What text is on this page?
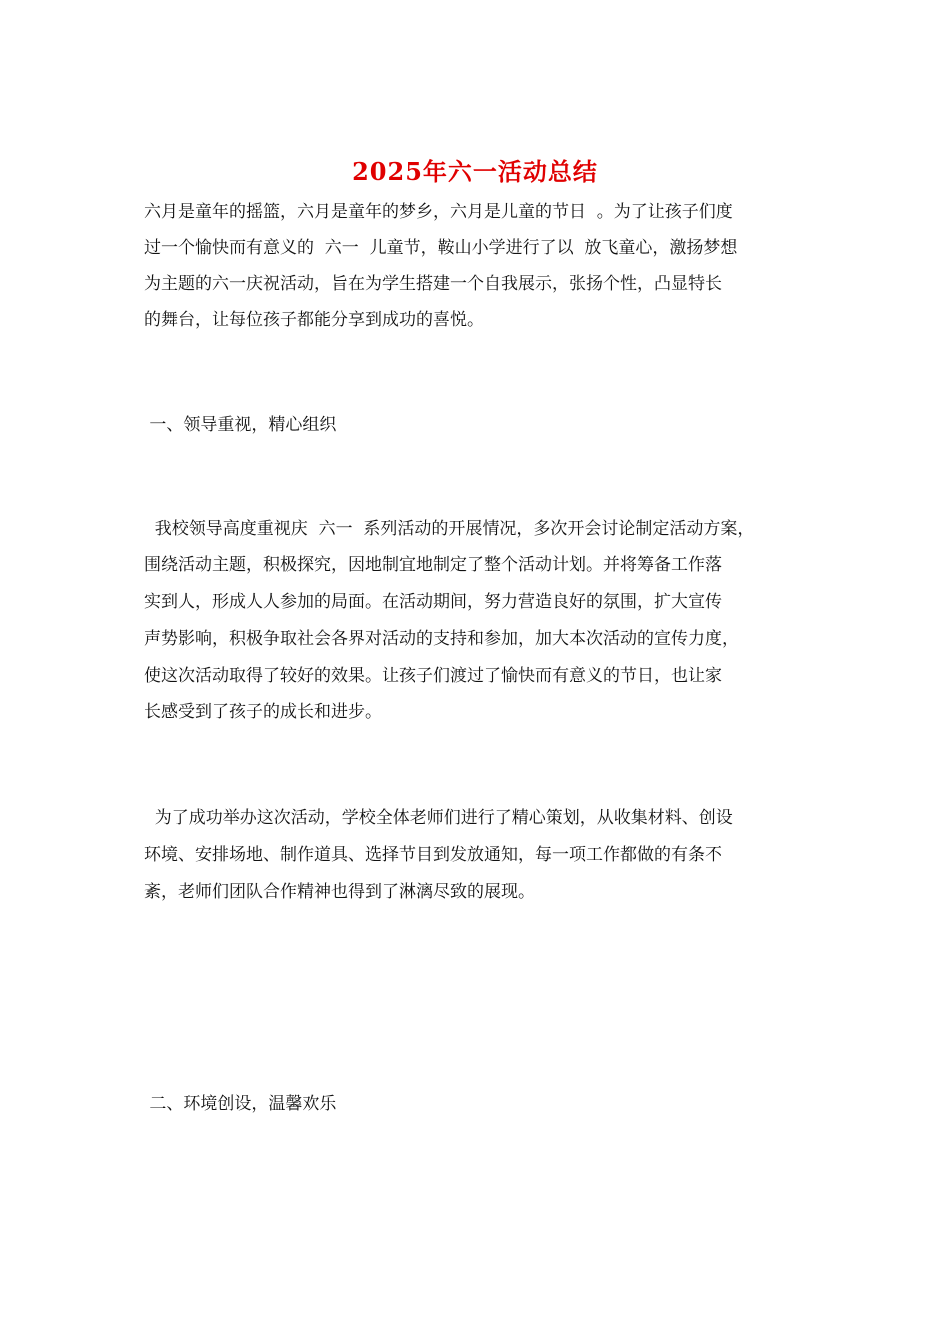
2025年六一活动总结
六月是童年的摇篮，六月是童年的梦乡，六月是儿童的节日  。为了让孩子们度
过一个愉快而有意义的  六一  儿童节，鞍山小学进行了以  放飞童心，激扬梦想
为主题的六一庆祝活动，旨在为学生搭建一个自我展示，张扬个性，凸显特长
的舞台，让每位孩子都能分享到成功的喜悦。
一、领导重视，精心组织
我校领导高度重视庆  六一  系列活动的开展情况，多次开会讨论制定活动方案，
围绕活动主题，积极探究，因地制宜地制定了整个活动计划。并将筹备工作落
实到人，形成人人参加的局面。在活动期间，努力营造良好的氛围，扩大宣传
声势影响，积极争取社会各界对活动的支持和参加，加大本次活动的宣传力度，
使这次活动取得了较好的效果。让孩子们渡过了愉快而有意义的节日，也让家
长感受到了孩子的成长和进步。
为了成功举办这次活动，学校全体老师们进行了精心策划，从收集材料、创设
环境、安排场地、制作道具、选择节目到发放通知，每一项工作都做的有条不
紊，老师们团队合作精神也得到了淋漓尽致的展现。
二、环境创设，温馨欢乐
